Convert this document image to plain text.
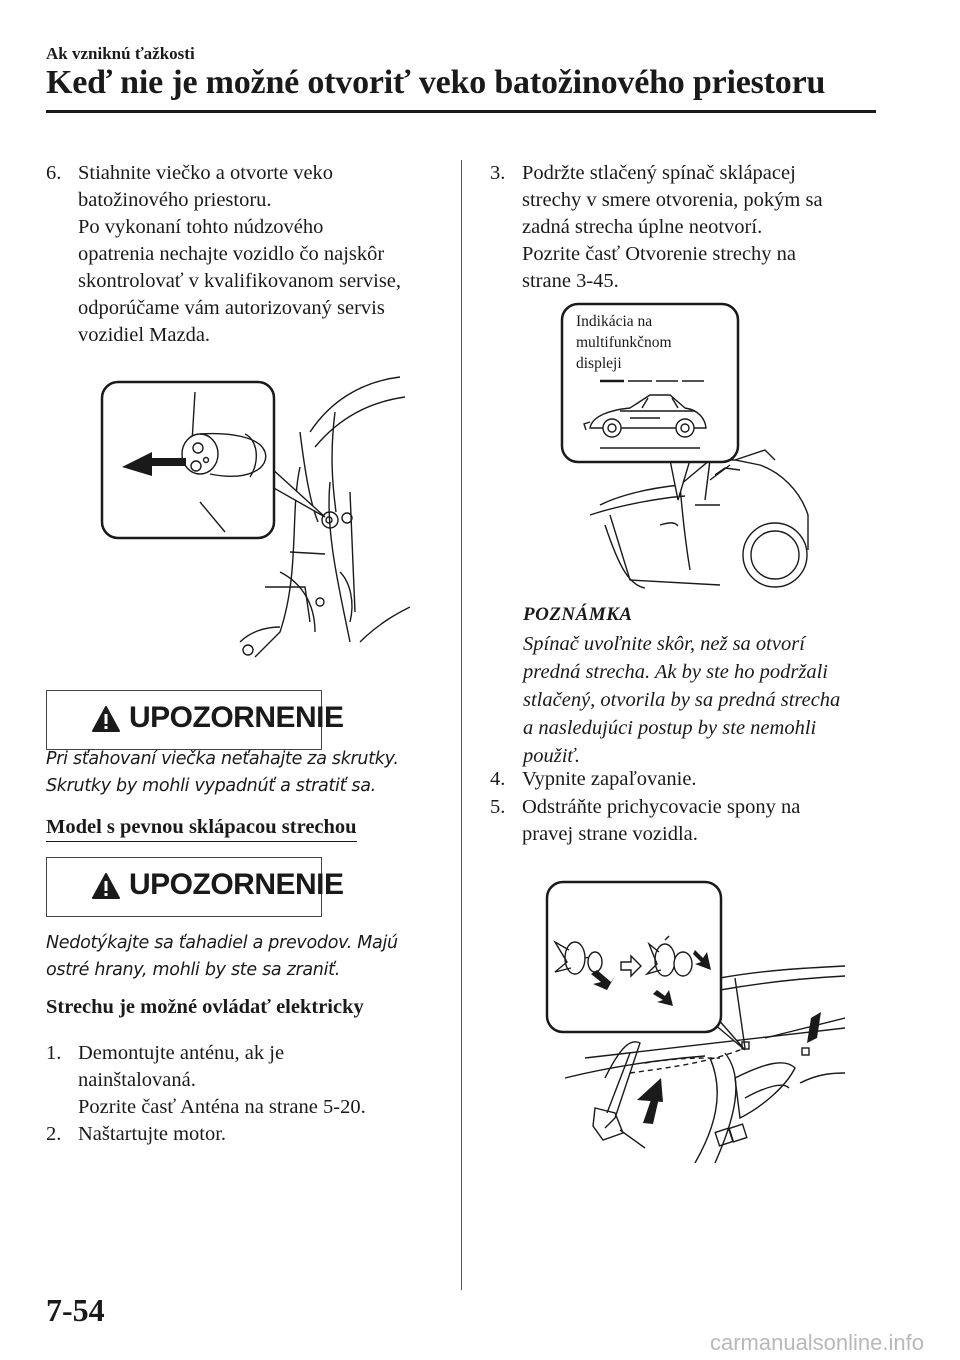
Ak vzniknú ťažkosti
Keď nie je možné otvoriť veko batožinového priestoru
6. Stiahnite viečko a otvorte veko
batožinového priestoru.
Po vykonaní tohto núdzového
opatrenia nechajte vozidlo čo najskôr
skontrolovať v kvalifikovanom servise,
odporúčame vám autorizovaný servis
vozidiel Mazda.
UPOZORNENIE
Pri sťahovaní viečka neťahajte za skrutky.
Skrutky by mohli vypadnúť a stratiť sa.
Model s pevnou sklápacou strechou
UPOZORNENIE
Nedotýkajte sa ťahadiel a prevodov. Majú
ostré hrany, mohli by ste sa zraniť.
Strechu je možné ovládať elektricky
1. Demontujte anténu, ak je
nainštalovaná.
Pozrite časť Anténa na strane 5-20.
2. Naštartujte motor.
3. Podržte stlačený spínač sklápacej
strechy v smere otvorenia, pokým sa
zadná strecha úplne neotvorí.
Pozrite časť Otvorenie strechy na
strane 3-45.
Indikácia na
multifunkčnom
displeji
POZNÁMKA
Spínač uvoľnite skôr, než sa otvorí
predná strecha. Ak by ste ho podržali
stlačený, otvorila by sa predná strecha
a nasledujúci postup by ste nemohli
použiť.
4. Vypnite zapaľovanie.
5. Odstráňte prichycovacie spony na
pravej strane vozidla.
7-54
carmanualsonline.info
